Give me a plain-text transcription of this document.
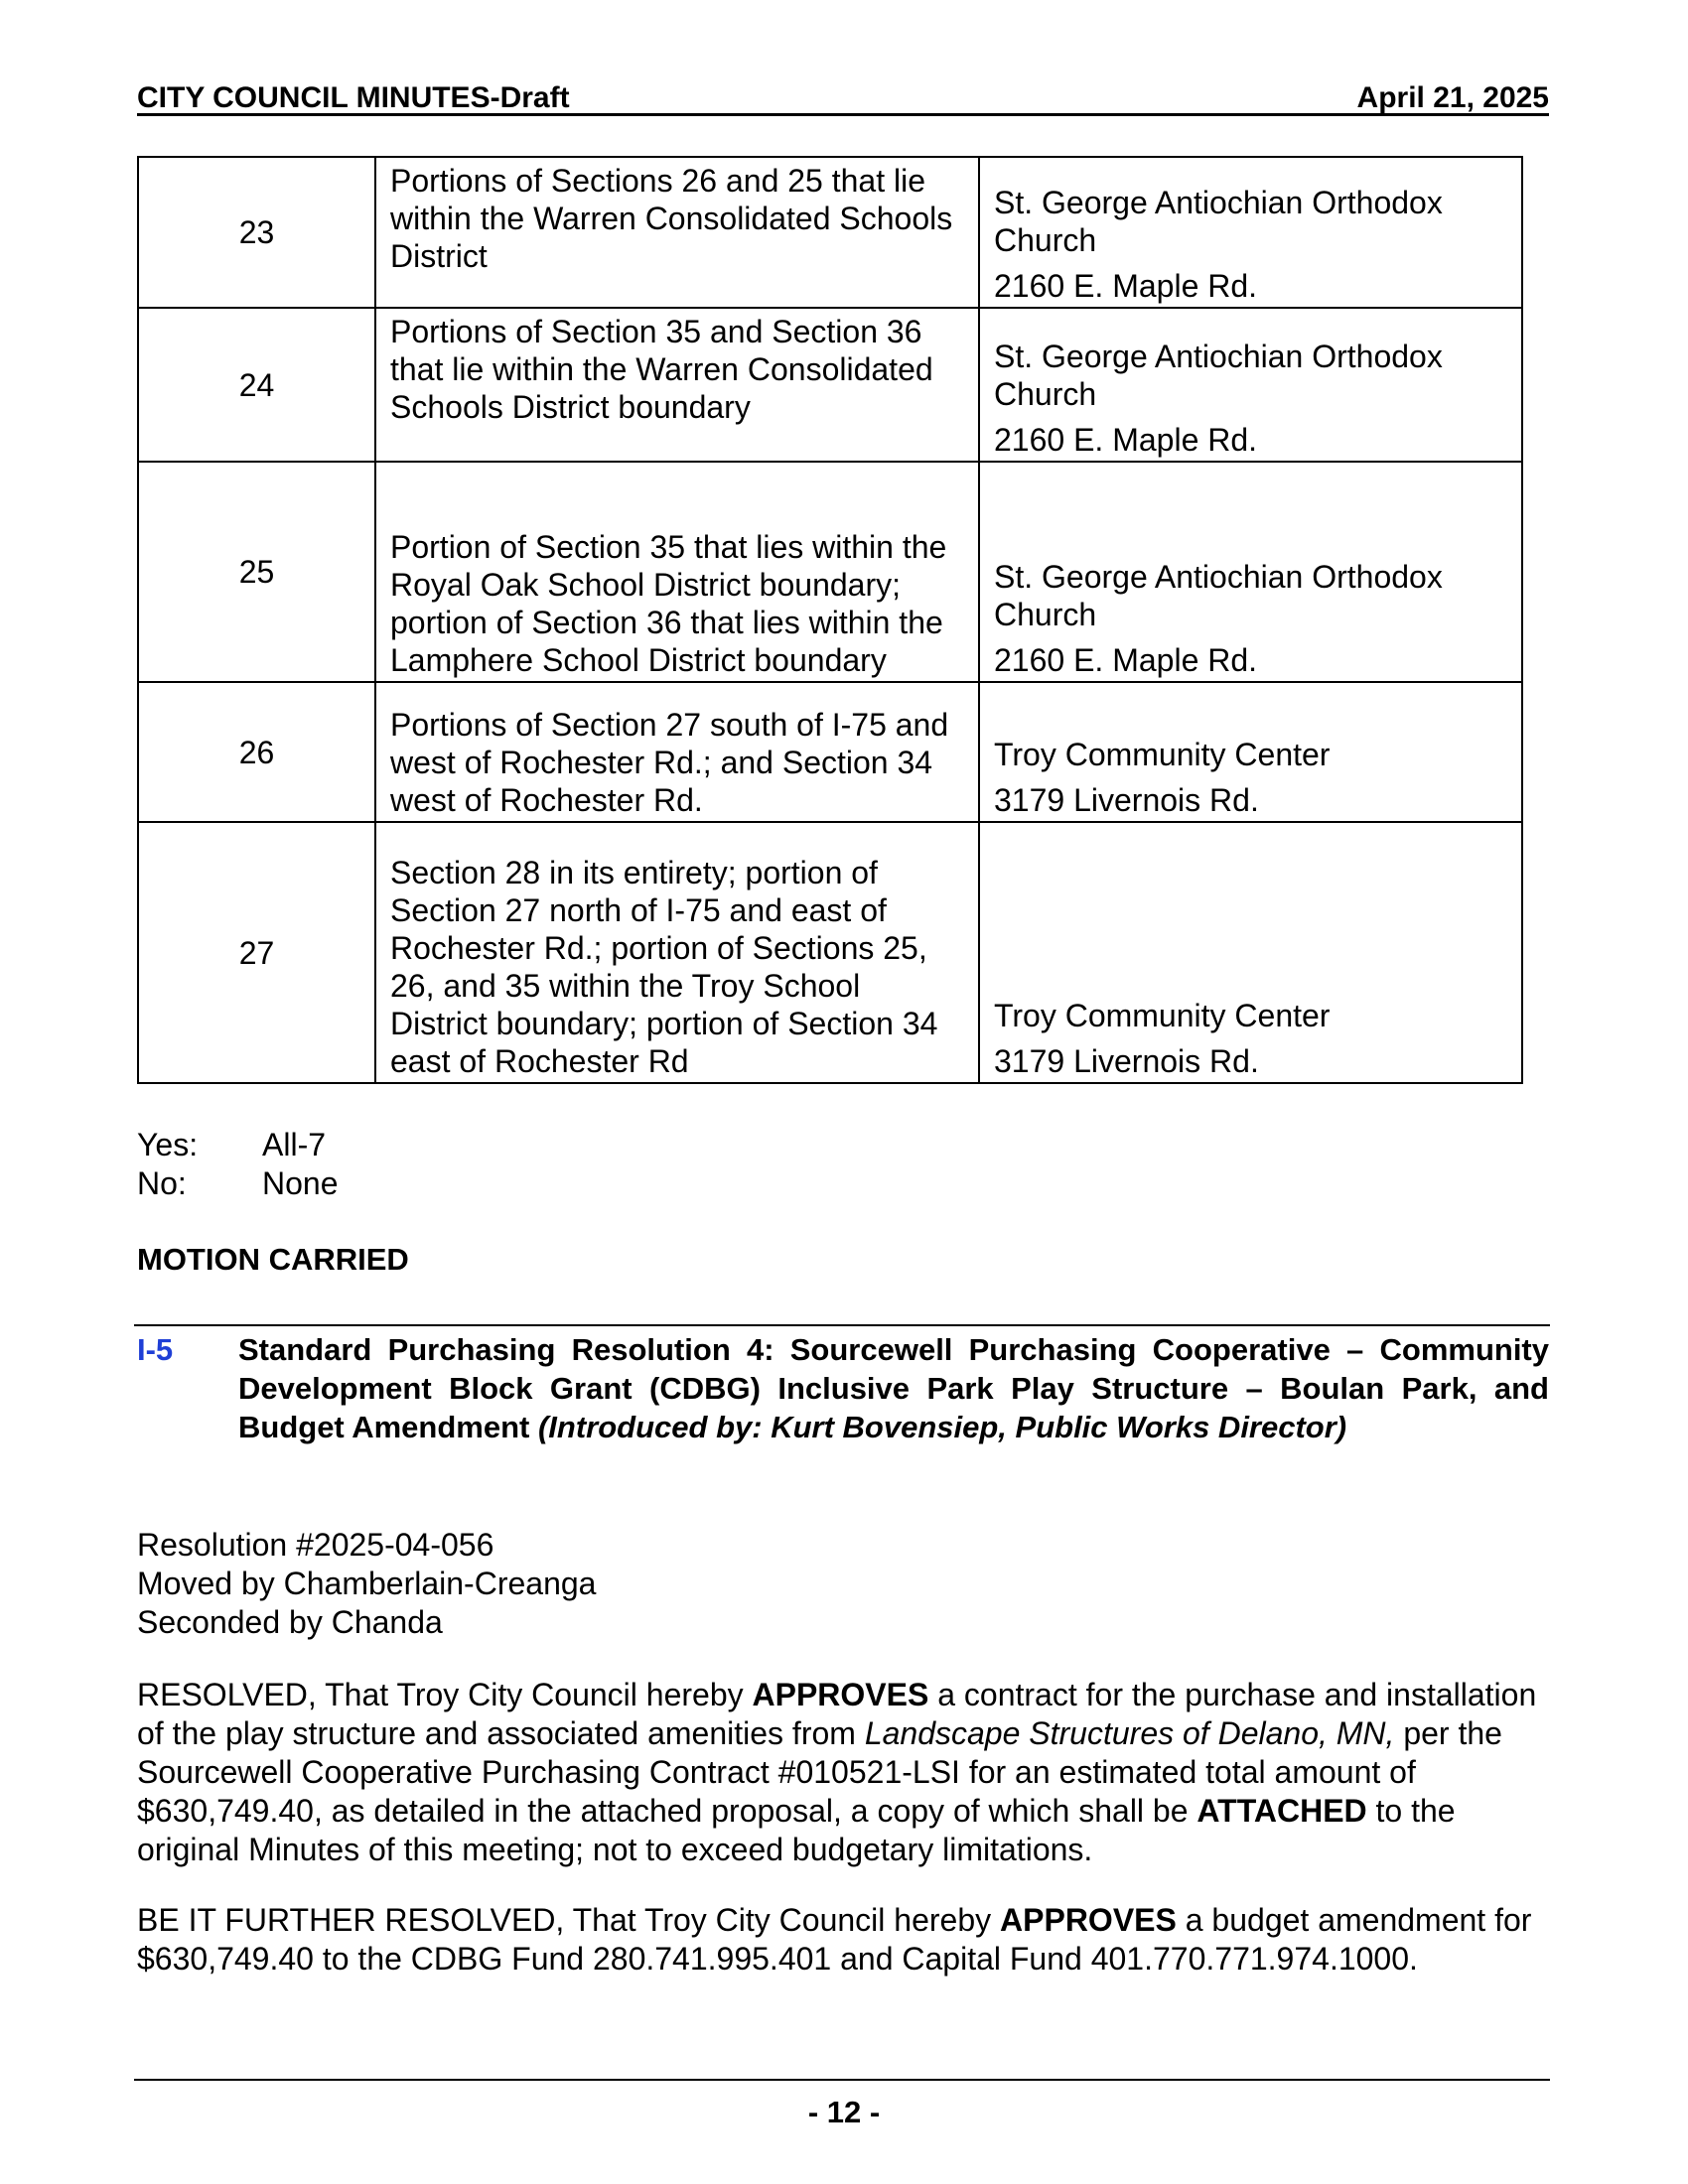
CITY COUNCIL MINUTES-Draft	April 21, 2025
23	Portions of Sections 26 and 25 that lie within the Warren Consolidated Schools District	St. George Antiochian Orthodox Church
2160 E. Maple Rd.

24	Portions of Section 35 and Section 36 that lie within the Warren Consolidated Schools District boundary	St. George Antiochian Orthodox Church
2160 E. Maple Rd.

25	Portion of Section 35 that lies within the Royal Oak School District boundary; portion of Section 36 that lies within the Lamphere School District boundary	St. George Antiochian Orthodox Church
2160 E. Maple Rd.

26	Portions of Section 27 south of I-75 and west of Rochester Rd.; and Section 34 west of Rochester Rd.	Troy Community Center
3179 Livernois Rd.

27	Section 28 in its entirety; portion of Section 27 north of I-75 and east of Rochester Rd.; portion of Sections 25, 26, and 35 within the Troy School District boundary; portion of Section 34 east of Rochester Rd	Troy Community Center
3179 Livernois Rd.
Yes: All-7
No: None
MOTION CARRIED
I-5 Standard Purchasing Resolution 4: Sourcewell Purchasing Cooperative – Community Development Block Grant (CDBG) Inclusive Park Play Structure – Boulan Park, and Budget Amendment (Introduced by: Kurt Bovensiep, Public Works Director)
Resolution #2025-04-056
Moved by Chamberlain-Creanga
Seconded by Chanda
RESOLVED, That Troy City Council hereby APPROVES a contract for the purchase and installation of the play structure and associated amenities from Landscape Structures of Delano, MN, per the Sourcewell Cooperative Purchasing Contract #010521-LSI for an estimated total amount of $630,749.40, as detailed in the attached proposal, a copy of which shall be ATTACHED to the original Minutes of this meeting; not to exceed budgetary limitations.
BE IT FURTHER RESOLVED, That Troy City Council hereby APPROVES a budget amendment for $630,749.40 to the CDBG Fund 280.741.995.401 and Capital Fund 401.770.771.974.1000.
- 12 -
